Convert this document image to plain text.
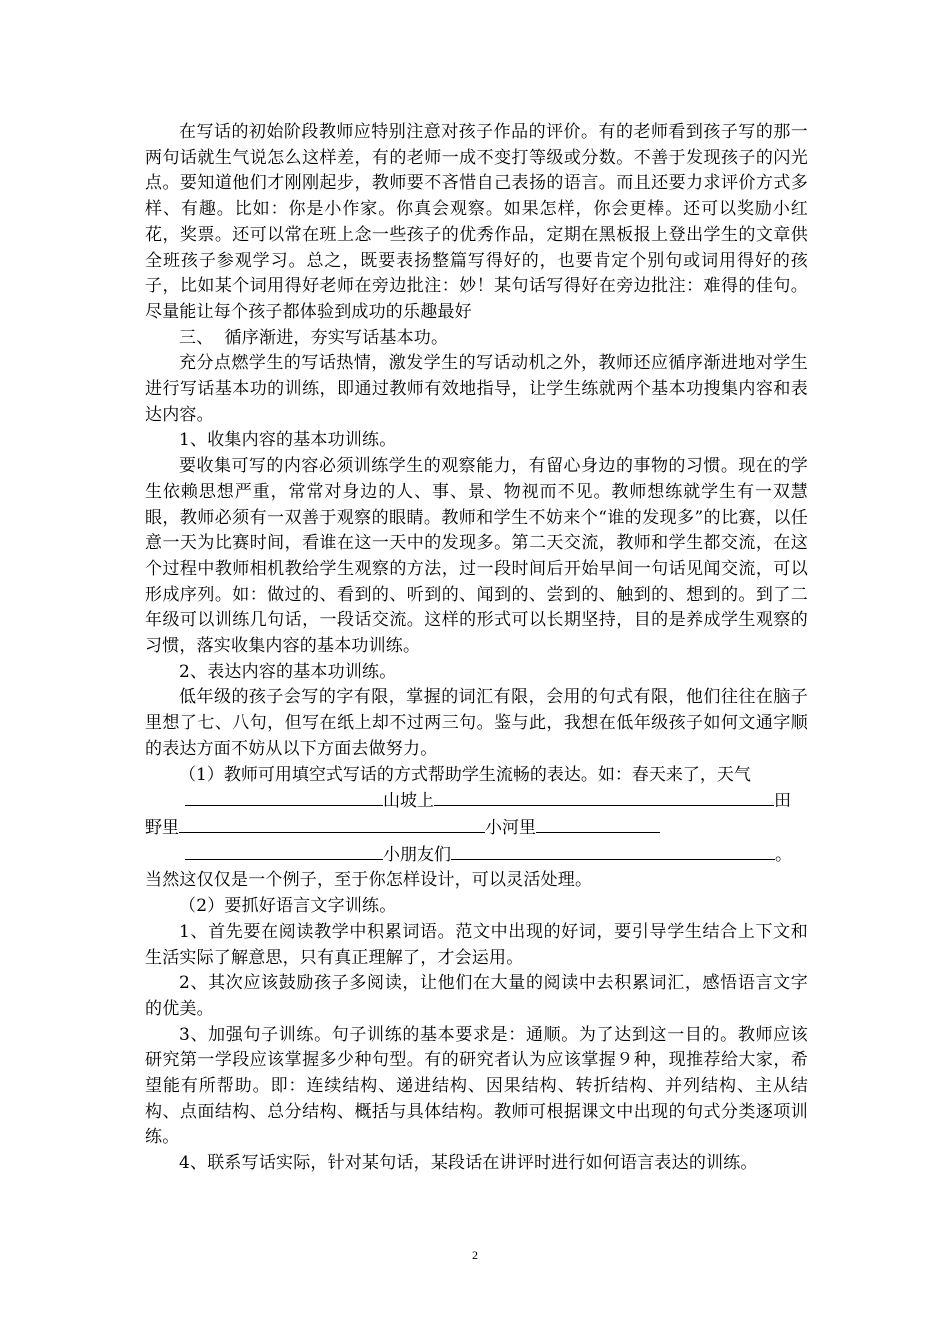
在写话的初始阶段教师应特别注意对孩子作品的评价。有的老师看到孩子写的那一两句话就生气说怎么这样差，有的老师一成不变打等级或分数。不善于发现孩子的闪光点。要知道他们才刚刚起步，教师要不吝惜自己表扬的语言。而且还要力求评价方式多样、有趣。比如：你是小作家。你真会观察。如果怎样，你会更棒。还可以奖励小红花，奖票。还可以常在班上念一些孩子的优秀作品，定期在黑板报上登出学生的文章供全班孩子参观学习。总之，既要表扬整篇写得好的，也要肯定个别句或词用得好的孩子，比如某个词用得好老师在旁边批注：妙！某句话写得好在旁边批注：难得的佳句。尽量能让每个孩子都体验到成功的乐趣最好

三、  循序渐进，夯实写话基本功。

充分点燃学生的写话热情，激发学生的写话动机之外，教师还应循序渐进地对学生进行写话基本功的训练，即通过教师有效地指导，让学生练就两个基本功搜集内容和表达内容。

1、收集内容的基本功训练。

要收集可写的内容必须训练学生的观察能力，有留心身边的事物的习惯。现在的学生依赖思想严重，常常对身边的人、事、景、物视而不见。教师想练就学生有一双慧眼，教师必须有一双善于观察的眼睛。教师和学生不妨来个“谁的发现多”的比赛，以任意一天为比赛时间，看谁在这一天中的发现多。第二天交流，教师和学生都交流，在这个过程中教师相机教给学生观察的方法，过一段时间后开始早间一句话见闻交流，可以形成序列。如：做过的、看到的、听到的、闻到的、尝到的、触到的、想到的。到了二年级可以训练几句话，一段话交流。这样的形式可以长期坚持，目的是养成学生观察的习惯，落实收集内容的基本功训练。

2、表达内容的基本功训练。

低年级的孩子会写的字有限，掌握的词汇有限，会用的句式有限，他们往往在脑子里想了七、八句，但写在纸上却不过两三句。鉴与此，我想在低年级孩子如何文通字顺的表达方面不妨从以下方面去做努力。

（1）教师可用填空式写话的方式帮助学生流畅的表达。如：春天来了，天气
山坡上	田
野里	小河里
小朋友们	。

当然这仅仅是一个例子，至于你怎样设计，可以灵活处理。

（2）要抓好语言文字训练。

1、首先要在阅读教学中积累词语。范文中出现的好词，要引导学生结合上下文和生活实际了解意思，只有真正理解了，才会运用。

2、其次应该鼓励孩子多阅读，让他们在大量的阅读中去积累词汇，感悟语言文字的优美。

3、加强句子训练。句子训练的基本要求是：通顺。为了达到这一目的。教师应该研究第一学段应该掌握多少种句型。有的研究者认为应该掌握９种，现推荐给大家，希望能有所帮助。即：连续结构、递进结构、因果结构、转折结构、并列结构、主从结构、点面结构、总分结构、概括与具体结构。教师可根据课文中出现的句式分类逐项训练。

4、联系写话实际，针对某句话，某段话在讲评时进行如何语言表达的训练。

2
